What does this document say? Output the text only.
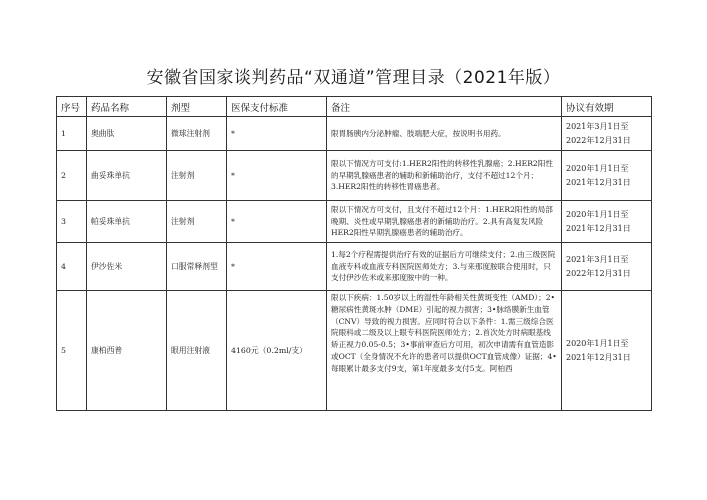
安徽省国家谈判药品“双通道”管理目录（2021年版）
序号	药品名称	剂型	医保支付标准	备注	协议有效期
1	奥曲肽	微球注射剂	*	限胃肠胰内分泌肿瘤、肢端肥大症，按说明书用药。	2021年3月1日至
2022年12月31日

2	曲妥珠单抗	注射剂	*	限以下情况方可支付:1.HER2阳性的转移性乳腺癌；2.HER2阳性的早期乳腺癌患者的辅助和新辅助治疗，支付不超过12个月；3.HER2阳性的转移性胃癌患者。	2020年1月1日至
2021年12月31日

3	帕妥珠单抗	注射剂	*	限以下情况方可支付，且支付不超过12个月：1.HER2阳性的局部晚期、炎性或早期乳腺癌患者的新辅助治疗。2.具有高复发风险HER2阳性早期乳腺癌患者的辅助治疗。	2020年1月1日至
2021年12月31日

4	伊沙佐米	口服常释剂型	*	1.每2个疗程需提供治疗有效的证据后方可继续支付；2.由三级医院血液专科或血液专科医院医师处方；3.与来那度胺联合使用时，只支付伊沙佐米或来那度胺中的一种。	2021年3月1日至
2022年12月31日

5	康柏西普	眼用注射液	4160元（0.2ml/支）	限以下疾病：1.50岁以上的湿性年龄相关性黄斑变性（AMD）；2•糖尿病性黄斑水肿（DME）引起的视力损害；3•脉络膜新生血管（CNV）导致的视力损害。应同时符合以下条件：1.需三级综合医院眼科或二级及以上眼专科医院医师处方；2.首次处方时病眼基线矫正视力0.05-0.5；3•事前审查后方可用，初次申请需有血管造影或OCT（全身情况不允许的患者可以提供OCT血管成像）证据；4•每眼累计最多支付9支，第1年度最多支付5支。阿柏西	2020年1月1日至
2021年12月31日
